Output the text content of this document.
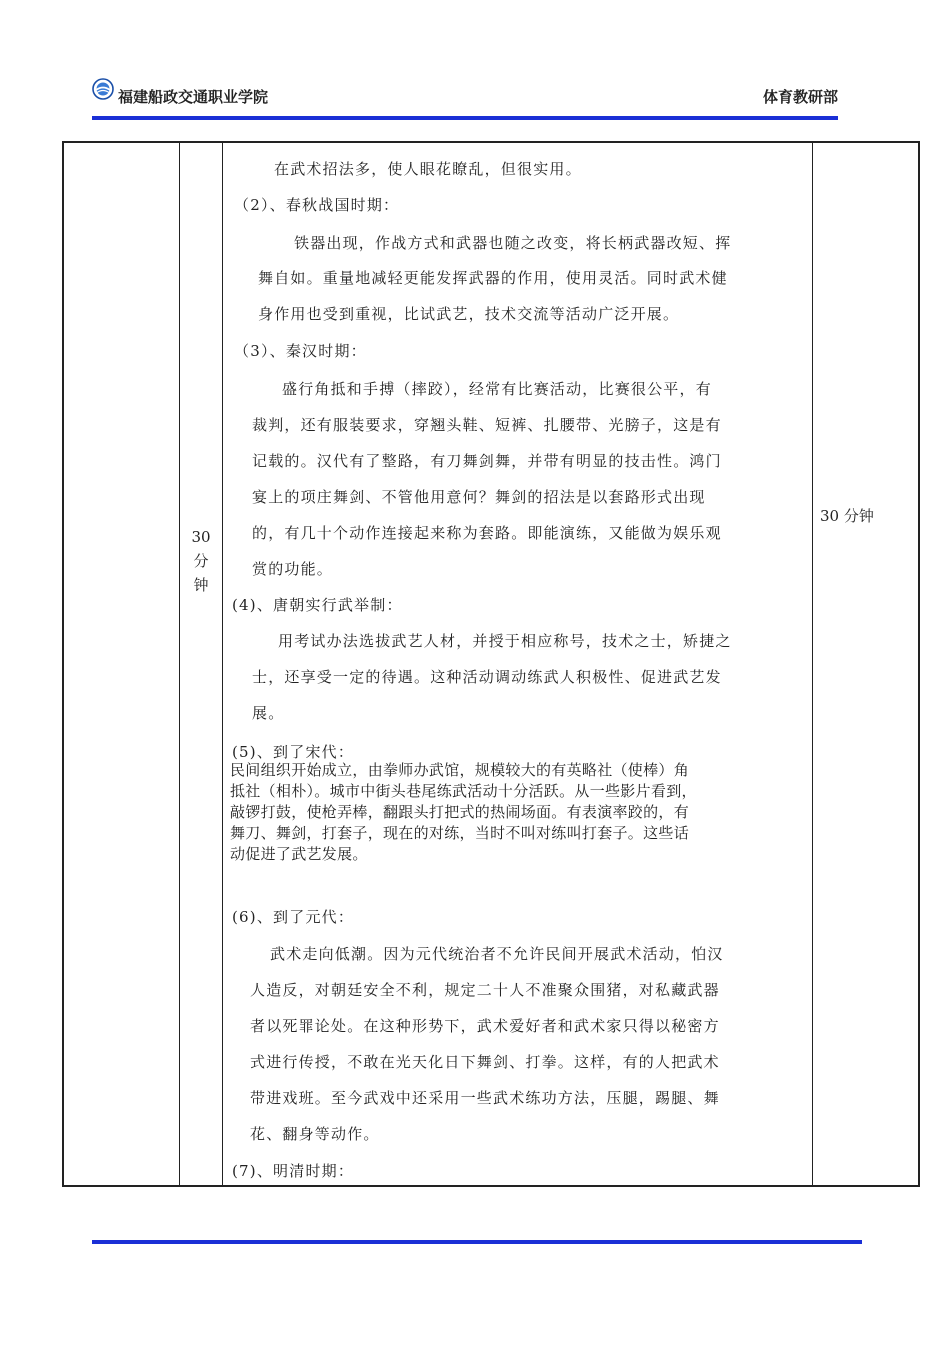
福建船政交通职业学院	体育教研部
30
分
钟
30 分钟
在武术招法多，使人眼花瞭乱，但很实用。
（2）、春秋战国时期：
铁器出现，作战方式和武器也随之改变，将长柄武器改短、挥
舞自如。重量地减轻更能发挥武器的作用，使用灵活。同时武术健
身作用也受到重视，比试武艺，技术交流等活动广泛开展。
（3）、秦汉时期：
盛行角抵和手搏（摔跤），经常有比赛活动，比赛很公平，有
裁判，还有服装要求，穿翘头鞋、短裤、扎腰带、光膀子，这是有
记载的。汉代有了整路，有刀舞剑舞，并带有明显的技击性。鸿门
宴上的项庄舞剑、不管他用意何？舞剑的招法是以套路形式出现
的，有几十个动作连接起来称为套路。即能演练，又能做为娱乐观
赏的功能。
(4)、唐朝实行武举制：
用考试办法选拔武艺人材，并授于相应称号，技术之士，矫捷之
士，还享受一定的待遇。这种活动调动练武人积极性、促进武艺发
展。
(5)、到了宋代：
民间组织开始成立，由拳师办武馆，规模较大的有英略社（使棒）角
抵社（相朴）。城市中街头巷尾练武活动十分活跃。从一些影片看到，
敲锣打鼓，使枪弄棒，翻跟头打把式的热闹场面。有表演率跤的，有
舞刀、舞剑，打套子，现在的对练，当时不叫对练叫打套子。这些话
动促进了武艺发展。
(6)、到了元代：
武术走向低潮。因为元代统治者不允许民间开展武术活动，怕汉
人造反，对朝廷安全不利，规定二十人不准聚众围猪，对私藏武器
者以死罪论处。在这种形势下，武术爱好者和武术家只得以秘密方
式进行传授，不敢在光天化日下舞剑、打拳。这样，有的人把武术
带进戏班。至今武戏中还采用一些武术练功方法，压腿，踢腿、舞
花、翻身等动作。
(7)、明清时期：
